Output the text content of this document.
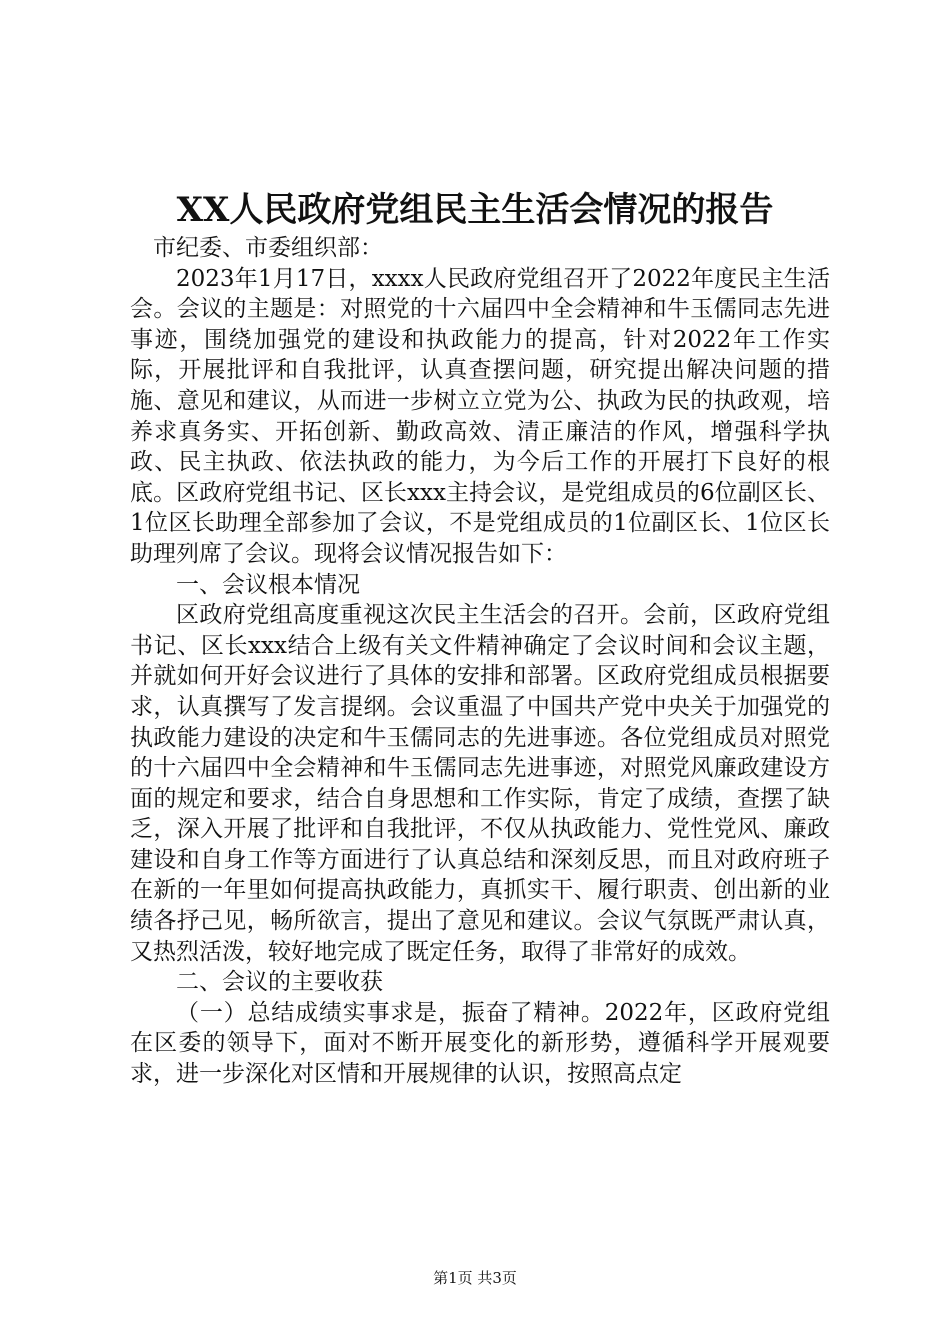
XX人民政府党组民主生活会情况的报告

市纪委、市委组织部：

2023年1月17日，xxxx人民政府党组召开了2022年度民主生活会。会议的主题是：对照党的十六届四中全会精神和牛玉儒同志先进事迹，围绕加强党的建设和执政能力的提高，针对2022年工作实际，开展批评和自我批评，认真查摆问题，研究提出解决问题的措施、意见和建议，从而进一步树立立党为公、执政为民的执政观，培养求真务实、开拓创新、勤政高效、清正廉洁的作风，增强科学执政、民主执政、依法执政的能力，为今后工作的开展打下良好的根底。区政府党组书记、区长xxx主持会议，是党组成员的6位副区长、1位区长助理全部参加了会议，不是党组成员的1位副区长、1位区长助理列席了会议。现将会议情况报告如下：

一、会议根本情况

区政府党组高度重视这次民主生活会的召开。会前，区政府党组书记、区长xxx结合上级有关文件精神确定了会议时间和会议主题，并就如何开好会议进行了具体的安排和部署。区政府党组成员根据要求，认真撰写了发言提纲。会议重温了中国共产党中央关于加强党的执政能力建设的决定和牛玉儒同志的先进事迹。各位党组成员对照党的十六届四中全会精神和牛玉儒同志先进事迹，对照党风廉政建设方面的规定和要求，结合自身思想和工作实际，肯定了成绩，查摆了缺乏，深入开展了批评和自我批评，不仅从执政能力、党性党风、廉政建设和自身工作等方面进行了认真总结和深刻反思，而且对政府班子在新的一年里如何提高执政能力，真抓实干、履行职责、创出新的业绩各抒己见，畅所欲言，提出了意见和建议。会议气氛既严肃认真，又热烈活泼，较好地完成了既定任务，取得了非常好的成效。

二、会议的主要收获

（一）总结成绩实事求是，振奋了精神。2022年，区政府党组在区委的领导下，面对不断开展变化的新形势，遵循科学开展观要求，进一步深化对区情和开展规律的认识，按照高点定

第1页 共3页
